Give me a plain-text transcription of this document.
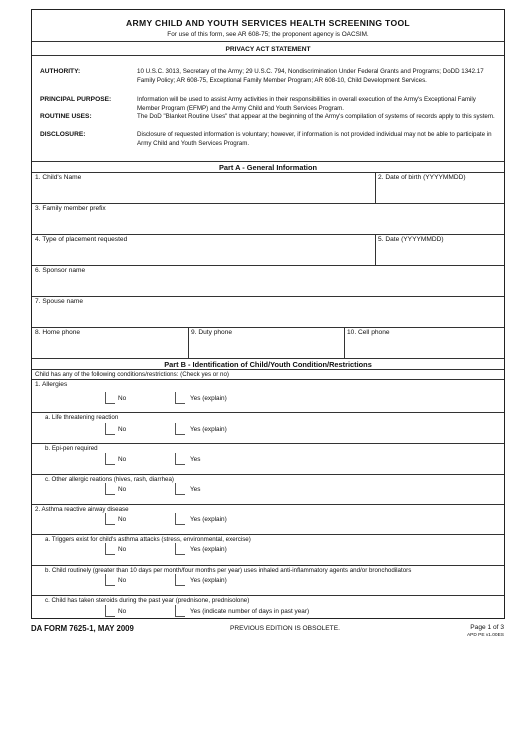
ARMY CHILD AND YOUTH SERVICES HEALTH SCREENING TOOL
For use of this form, see AR 608-75; the proponent agency is OACSIM.
PRIVACY ACT STATEMENT
AUTHORITY:	10 U.S.C. 3013, Secretary of the Army; 29 U.S.C. 794, Nondiscrimination Under Federal Grants and Programs; DoDD 1342.17 Family Policy; AR 608-75, Exceptional Family Member Program; AR 608-10, Child Development Services.
PRINCIPAL PURPOSE:	Information will be used to assist Army activities in their responsibilities in overall execution of the Army's Exceptional Family Member Program (EFMP) and the Army Child and Youth Services Program.
ROUTINE USES:	The DoD "Blanket Routine Uses" that appear at the beginning of the Army's compilation of systems of records apply to this system.
DISCLOSURE:	Disclosure of requested information is voluntary; however, if information is not provided individual may not be able to participate in Army Child and Youth Services Program.
Part A - General Information
1. Child's Name	2. Date of birth (YYYYMMDD)
3. Family member prefix
4. Type of placement requested	5. Date (YYYYMMDD)
6. Sponsor name
7. Spouse name
8. Home phone	9. Duty phone	10. Cell phone
Part B - Identification of Child/Youth Condition/Restrictions
Child has any of the following conditions/restrictions: (Check yes or no)
1. Allergies
No	Yes (explain)
a. Life threatening reaction
No	Yes (explain)
b. Epi-pen required
No	Yes
c. Other allergic reations (hives, rash, diarrhea)
No	Yes
2. Asthma reactive airway disease
No	Yes (explain)
a. Triggers exist for child's asthma attacks (stress, environmental, exercise)
No	Yes (explain)
b. Child routinely (greater than 10 days per month/four months per year) uses inhaled anti-inflammatory agents and/or bronchodilators
No	Yes (explain)
c. Child has taken steroids during the past year (prednisone, prednisolone)
No	Yes (indicate number of days in past year)
DA FORM 7625-1, MAY 2009	PREVIOUS EDITION IS OBSOLETE.	Page 1 of 3
APD PE v1.00ES
